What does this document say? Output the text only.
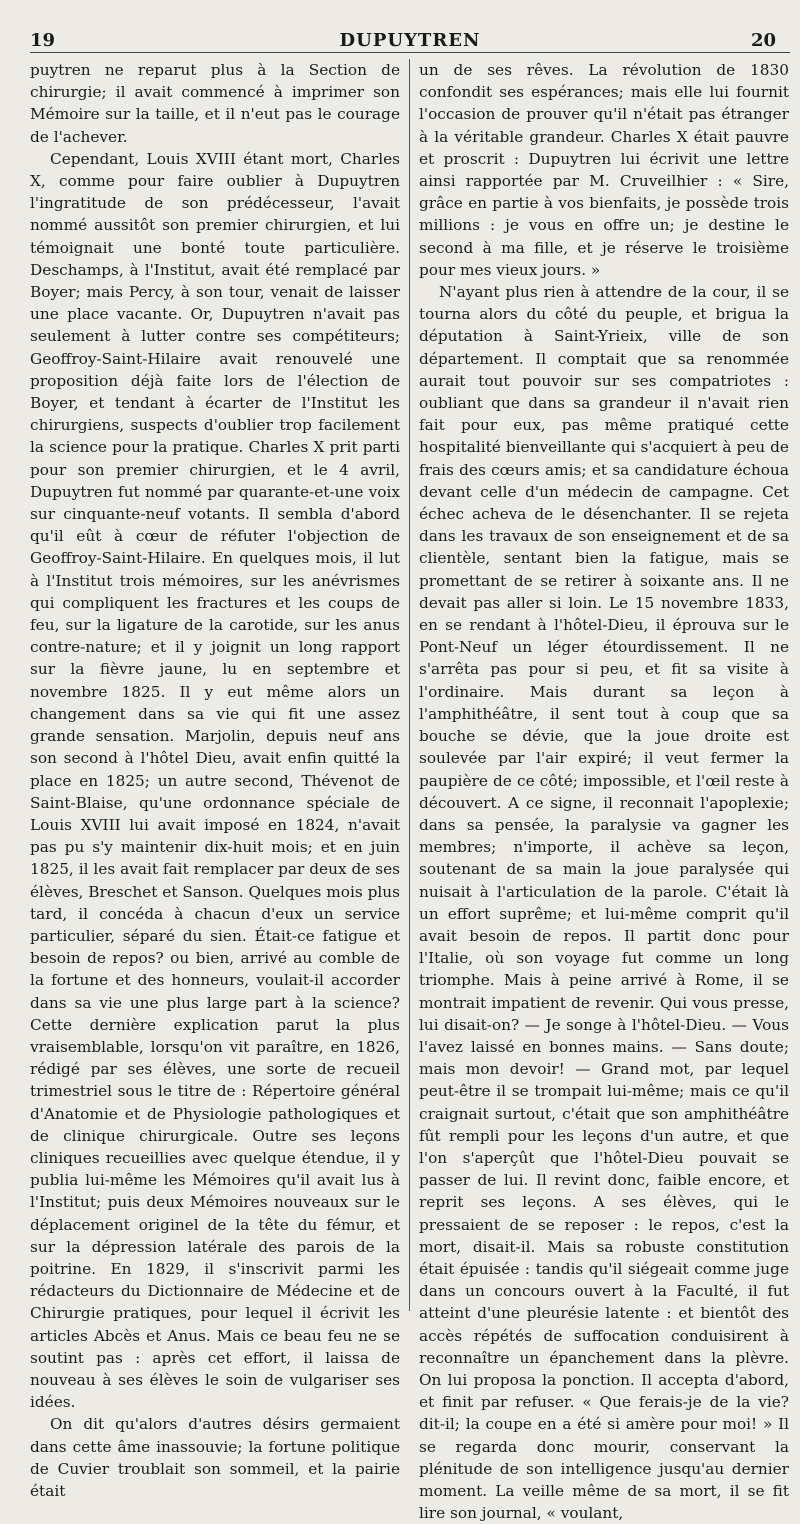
19	DUPUYTREN	20

puytren ne reparut plus à la Section de chirurgie; il avait commencé à imprimer son Mémoire sur la taille, et il n'eut pas le courage de l'achever.

Cependant, Louis XVIII étant mort, Charles X, comme pour faire oublier à Dupuytren l'ingratitude de son prédécesseur, l'avait nommé aussitôt son premier chirurgien, et lui témoignait une bonté toute particulière. Deschamps, à l'Institut, avait été remplacé par Boyer; mais Percy, à son tour, venait de laisser une place vacante. Or, Dupuytren n'avait pas seulement à lutter contre ses compétiteurs; Geoffroy-Saint-Hilaire avait renouvelé une proposition déjà faite lors de l'élection de Boyer, et tendant à écarter de l'Institut les chirurgiens, suspects d'oublier trop facilement la science pour la pratique. Charles X prit parti pour son premier chirurgien, et le 4 avril, Dupuytren fut nommé par quarante-et-une voix sur cinquante-neuf votants. Il sembla d'abord qu'il eût à cœur de réfuter l'objection de Geoffroy-Saint-Hilaire. En quelques mois, il lut à l'Institut trois mémoires, sur les anévrismes qui compliquent les fractures et les coups de feu, sur la ligature de la carotide, sur les anus contre-nature; et il y joignit un long rapport sur la fièvre jaune, lu en septembre et novembre 1825. Il y eut même alors un changement dans sa vie qui fit une assez grande sensation. Marjolin, depuis neuf ans son second à l'hôtel Dieu, avait enfin quitté la place en 1825; un autre second, Thévenot de Saint-Blaise, qu'une ordonnance spéciale de Louis XVIII lui avait imposé en 1824, n'avait pas pu s'y maintenir dix-huit mois; et en juin 1825, il les avait fait remplacer par deux de ses élèves, Breschet et Sanson. Quelques mois plus tard, il concéda à chacun d'eux un service particulier, séparé du sien. Était-ce fatigue et besoin de repos? ou bien, arrivé au comble de la fortune et des honneurs, voulait-il accorder dans sa vie une plus large part à la science? Cette dernière explication parut la plus vraisemblable, lorsqu'on vit paraître, en 1826, rédigé par ses élèves, une sorte de recueil trimestriel sous le titre de : Répertoire général d'Anatomie et de Physiologie pathologiques et de clinique chirurgicale. Outre ses leçons cliniques recueillies avec quelque étendue, il y publia lui-même les Mémoires qu'il avait lus à l'Institut; puis deux Mémoires nouveaux sur le déplacement originel de la tête du fémur, et sur la dépression latérale des parois de la poitrine. En 1829, il s'inscrivit parmi les rédacteurs du Dictionnaire de Médecine et de Chirurgie pratiques, pour lequel il écrivit les articles Abcès et Anus. Mais ce beau feu ne se soutint pas : après cet effort, il laissa de nouveau à ses élèves le soin de vulgariser ses idées.

On dit qu'alors d'autres désirs germaient dans cette âme inassouvie; la fortune politique de Cuvier troublait son sommeil, et la pairie était

un de ses rêves. La révolution de 1830 confondit ses espérances; mais elle lui fournit l'occasion de prouver qu'il n'était pas étranger à la véritable grandeur. Charles X était pauvre et proscrit : Dupuytren lui écrivit une lettre ainsi rapportée par M. Cruveilhier : « Sire, grâce en partie à vos bienfaits, je possède trois millions : je vous en offre un; je destine le second à ma fille, et je réserve le troisième pour mes vieux jours. »

N'ayant plus rien à attendre de la cour, il se tourna alors du côté du peuple, et brigua la députation à Saint-Yrieix, ville de son département. Il comptait que sa renommée aurait tout pouvoir sur ses compatriotes : oubliant que dans sa grandeur il n'avait rien fait pour eux, pas même pratiqué cette hospitalité bienveillante qui s'acquiert à peu de frais des cœurs amis; et sa candidature échoua devant celle d'un médecin de campagne. Cet échec acheva de le désenchanter. Il se rejeta dans les travaux de son enseignement et de sa clientèle, sentant bien la fatigue, mais se promettant de se retirer à soixante ans. Il ne devait pas aller si loin. Le 15 novembre 1833, en se rendant à l'hôtel-Dieu, il éprouva sur le Pont-Neuf un léger étourdissement. Il ne s'arrêta pas pour si peu, et fit sa visite à l'ordinaire. Mais durant sa leçon à l'amphithéâtre, il sent tout à coup que sa bouche se dévie, que la joue droite est soulevée par l'air expiré; il veut fermer la paupière de ce côté; impossible, et l'œil reste à découvert. A ce signe, il reconnait l'apoplexie; dans sa pensée, la paralysie va gagner les membres; n'importe, il achève sa leçon, soutenant de sa main la joue paralysée qui nuisait à l'articulation de la parole. C'était là un effort suprême; et lui-même comprit qu'il avait besoin de repos. Il partit donc pour l'Italie, où son voyage fut comme un long triomphe. Mais à peine arrivé à Rome, il se montrait impatient de revenir. Qui vous presse, lui disait-on? — Je songe à l'hôtel-Dieu. — Vous l'avez laissé en bonnes mains. — Sans doute; mais mon devoir! — Grand mot, par lequel peut-être il se trompait lui-même; mais ce qu'il craignait surtout, c'était que son amphithéâtre fût rempli pour les leçons d'un autre, et que l'on s'aperçût que l'hôtel-Dieu pouvait se passer de lui. Il revint donc, faible encore, et reprit ses leçons. A ses élèves, qui le pressaient de se reposer : le repos, c'est la mort, disait-il. Mais sa robuste constitution était épuisée : tandis qu'il siégeait comme juge dans un concours ouvert à la Faculté, il fut atteint d'une pleurésie latente : et bientôt des accès répétés de suffocation conduisirent à reconnaître un épanchement dans la plèvre. On lui proposa la ponction. Il accepta d'abord, et finit par refuser. « Que ferais-je de la vie? dit-il; la coupe en a été si amère pour moi! » Il se regarda donc mourir, conservant la plénitude de son intelligence jusqu'au dernier moment. La veille même de sa mort, il se fit lire son journal, « voulant,
